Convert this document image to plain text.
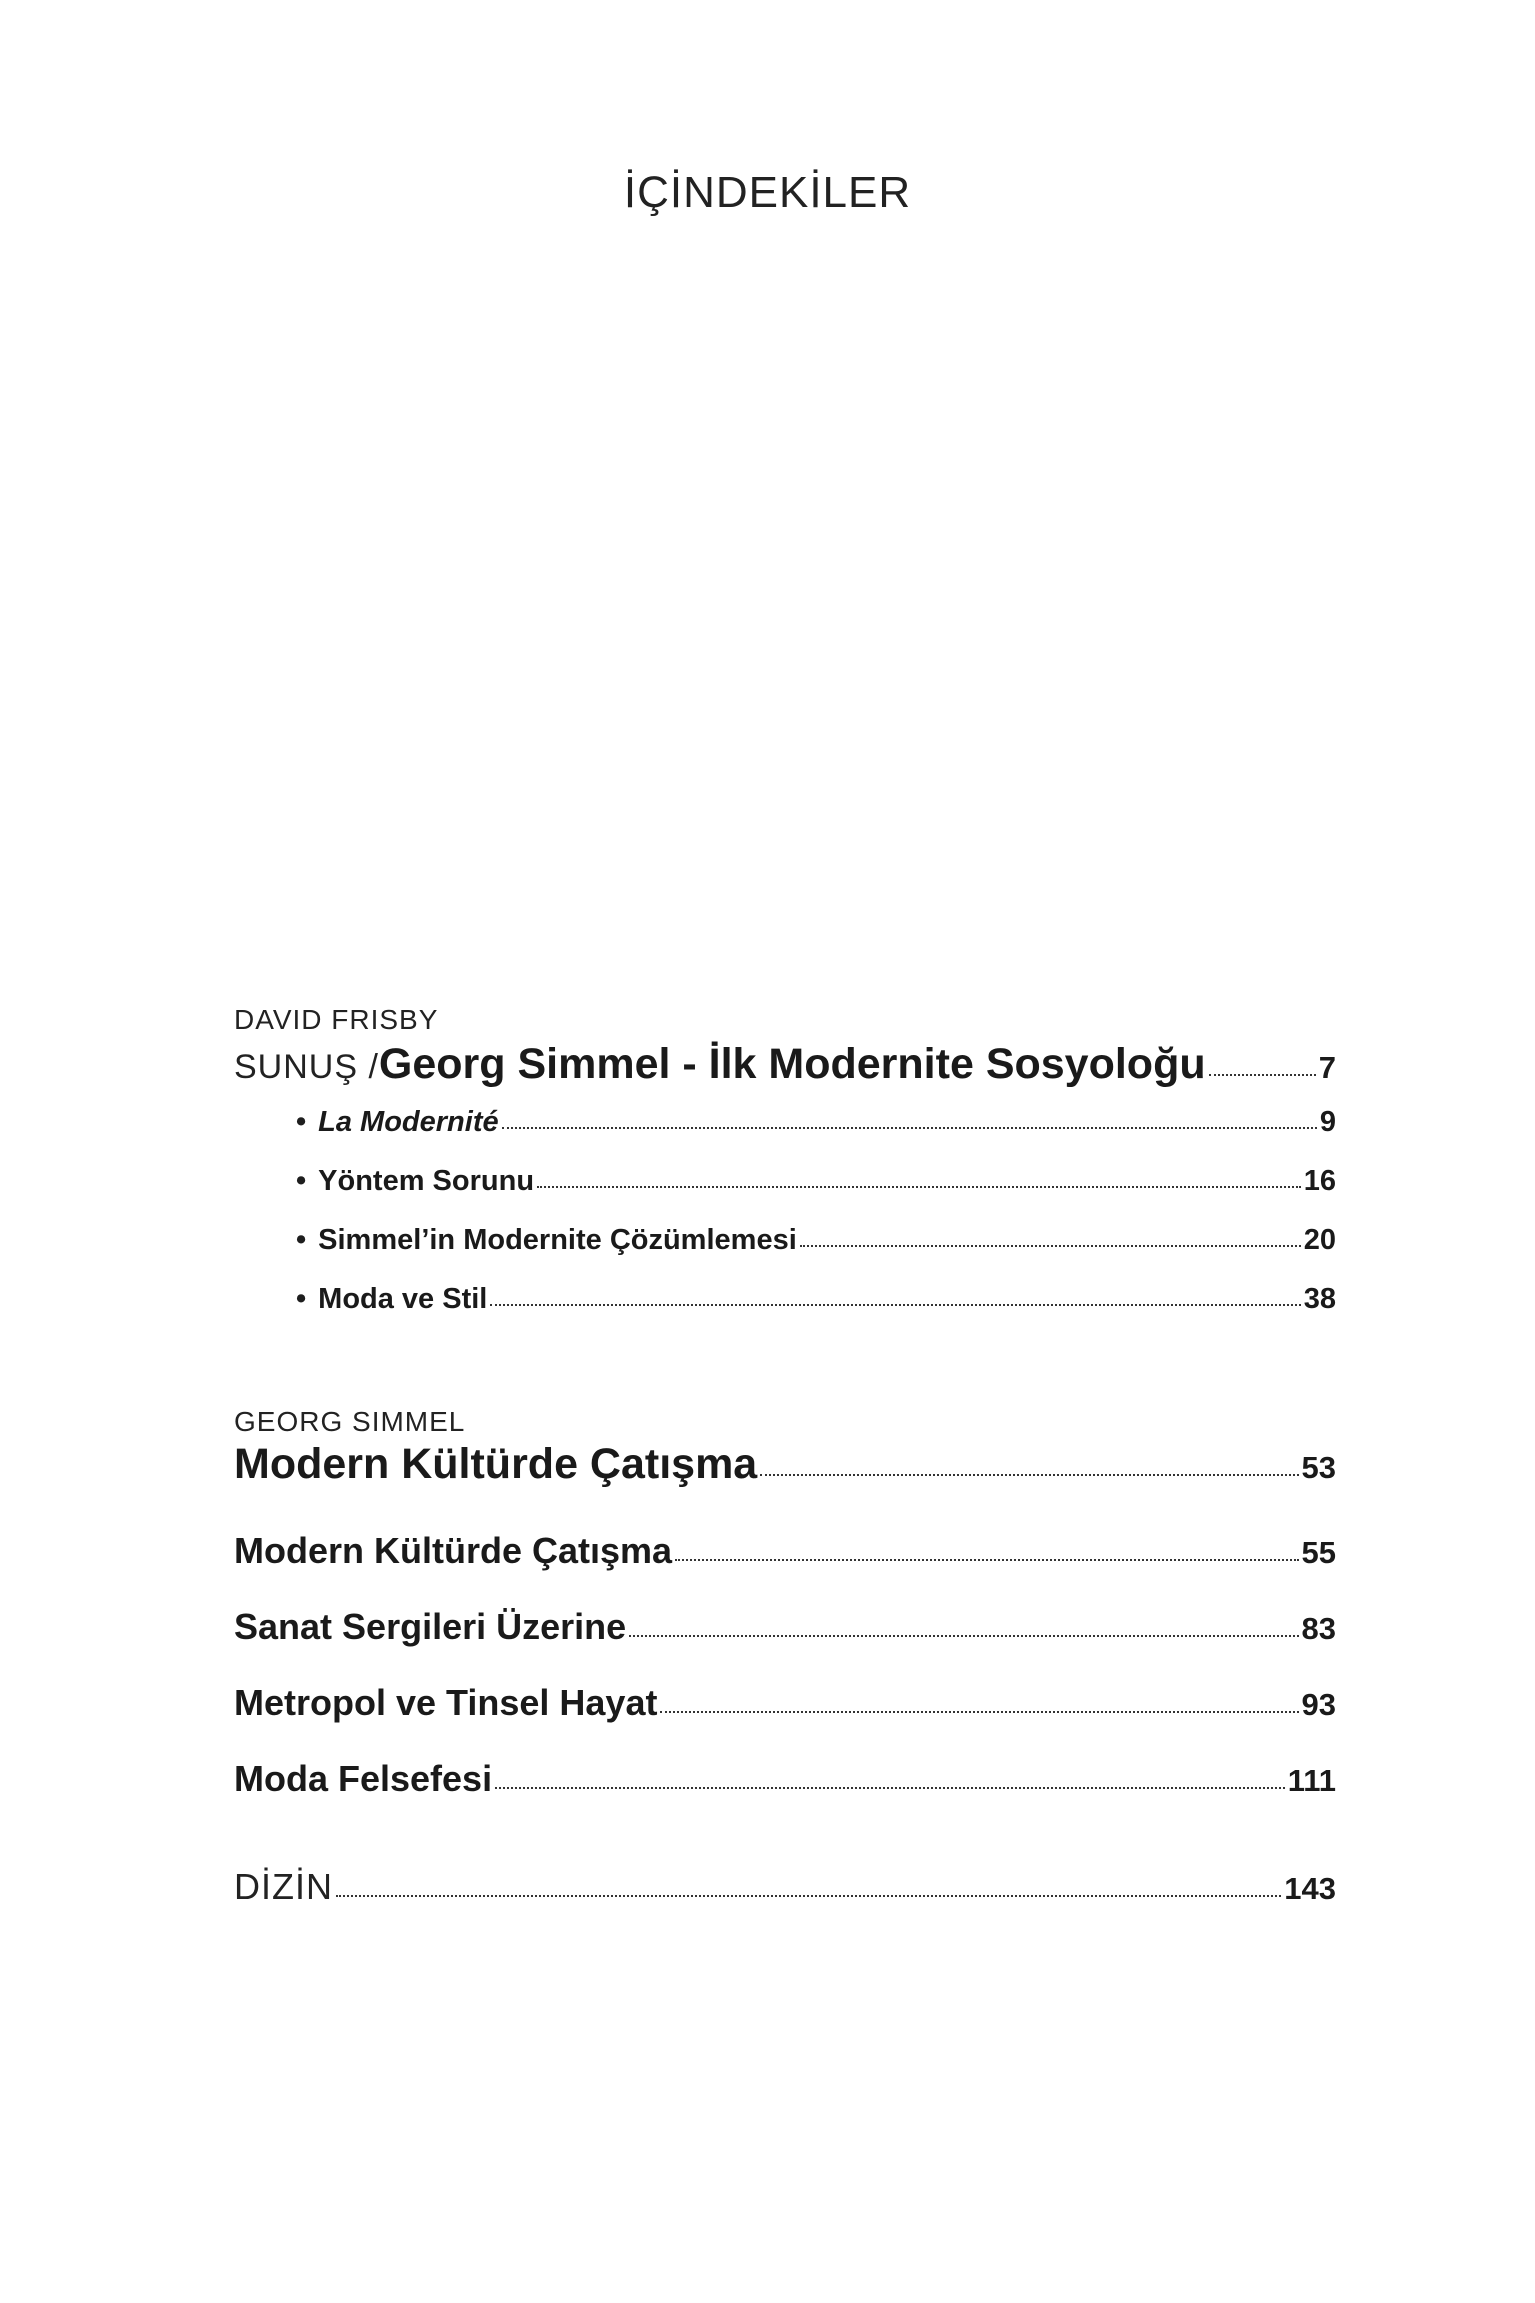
İÇİNDEKİLER
DAVID FRISBY
SUNUŞ / Georg Simmel - İlk Modernite Sosyoloğu	7
• La Modernité	9
• Yöntem Sorunu	16
• Simmel’in Modernite Çözümlemesi	20
• Moda ve Stil	38
GEORG SIMMEL
Modern Kültürde Çatışma	53
Modern Kültürde Çatışma	55
Sanat Sergileri Üzerine	83
Metropol ve Tinsel Hayat	93
Moda Felsefesi	111
DİZİN	143
